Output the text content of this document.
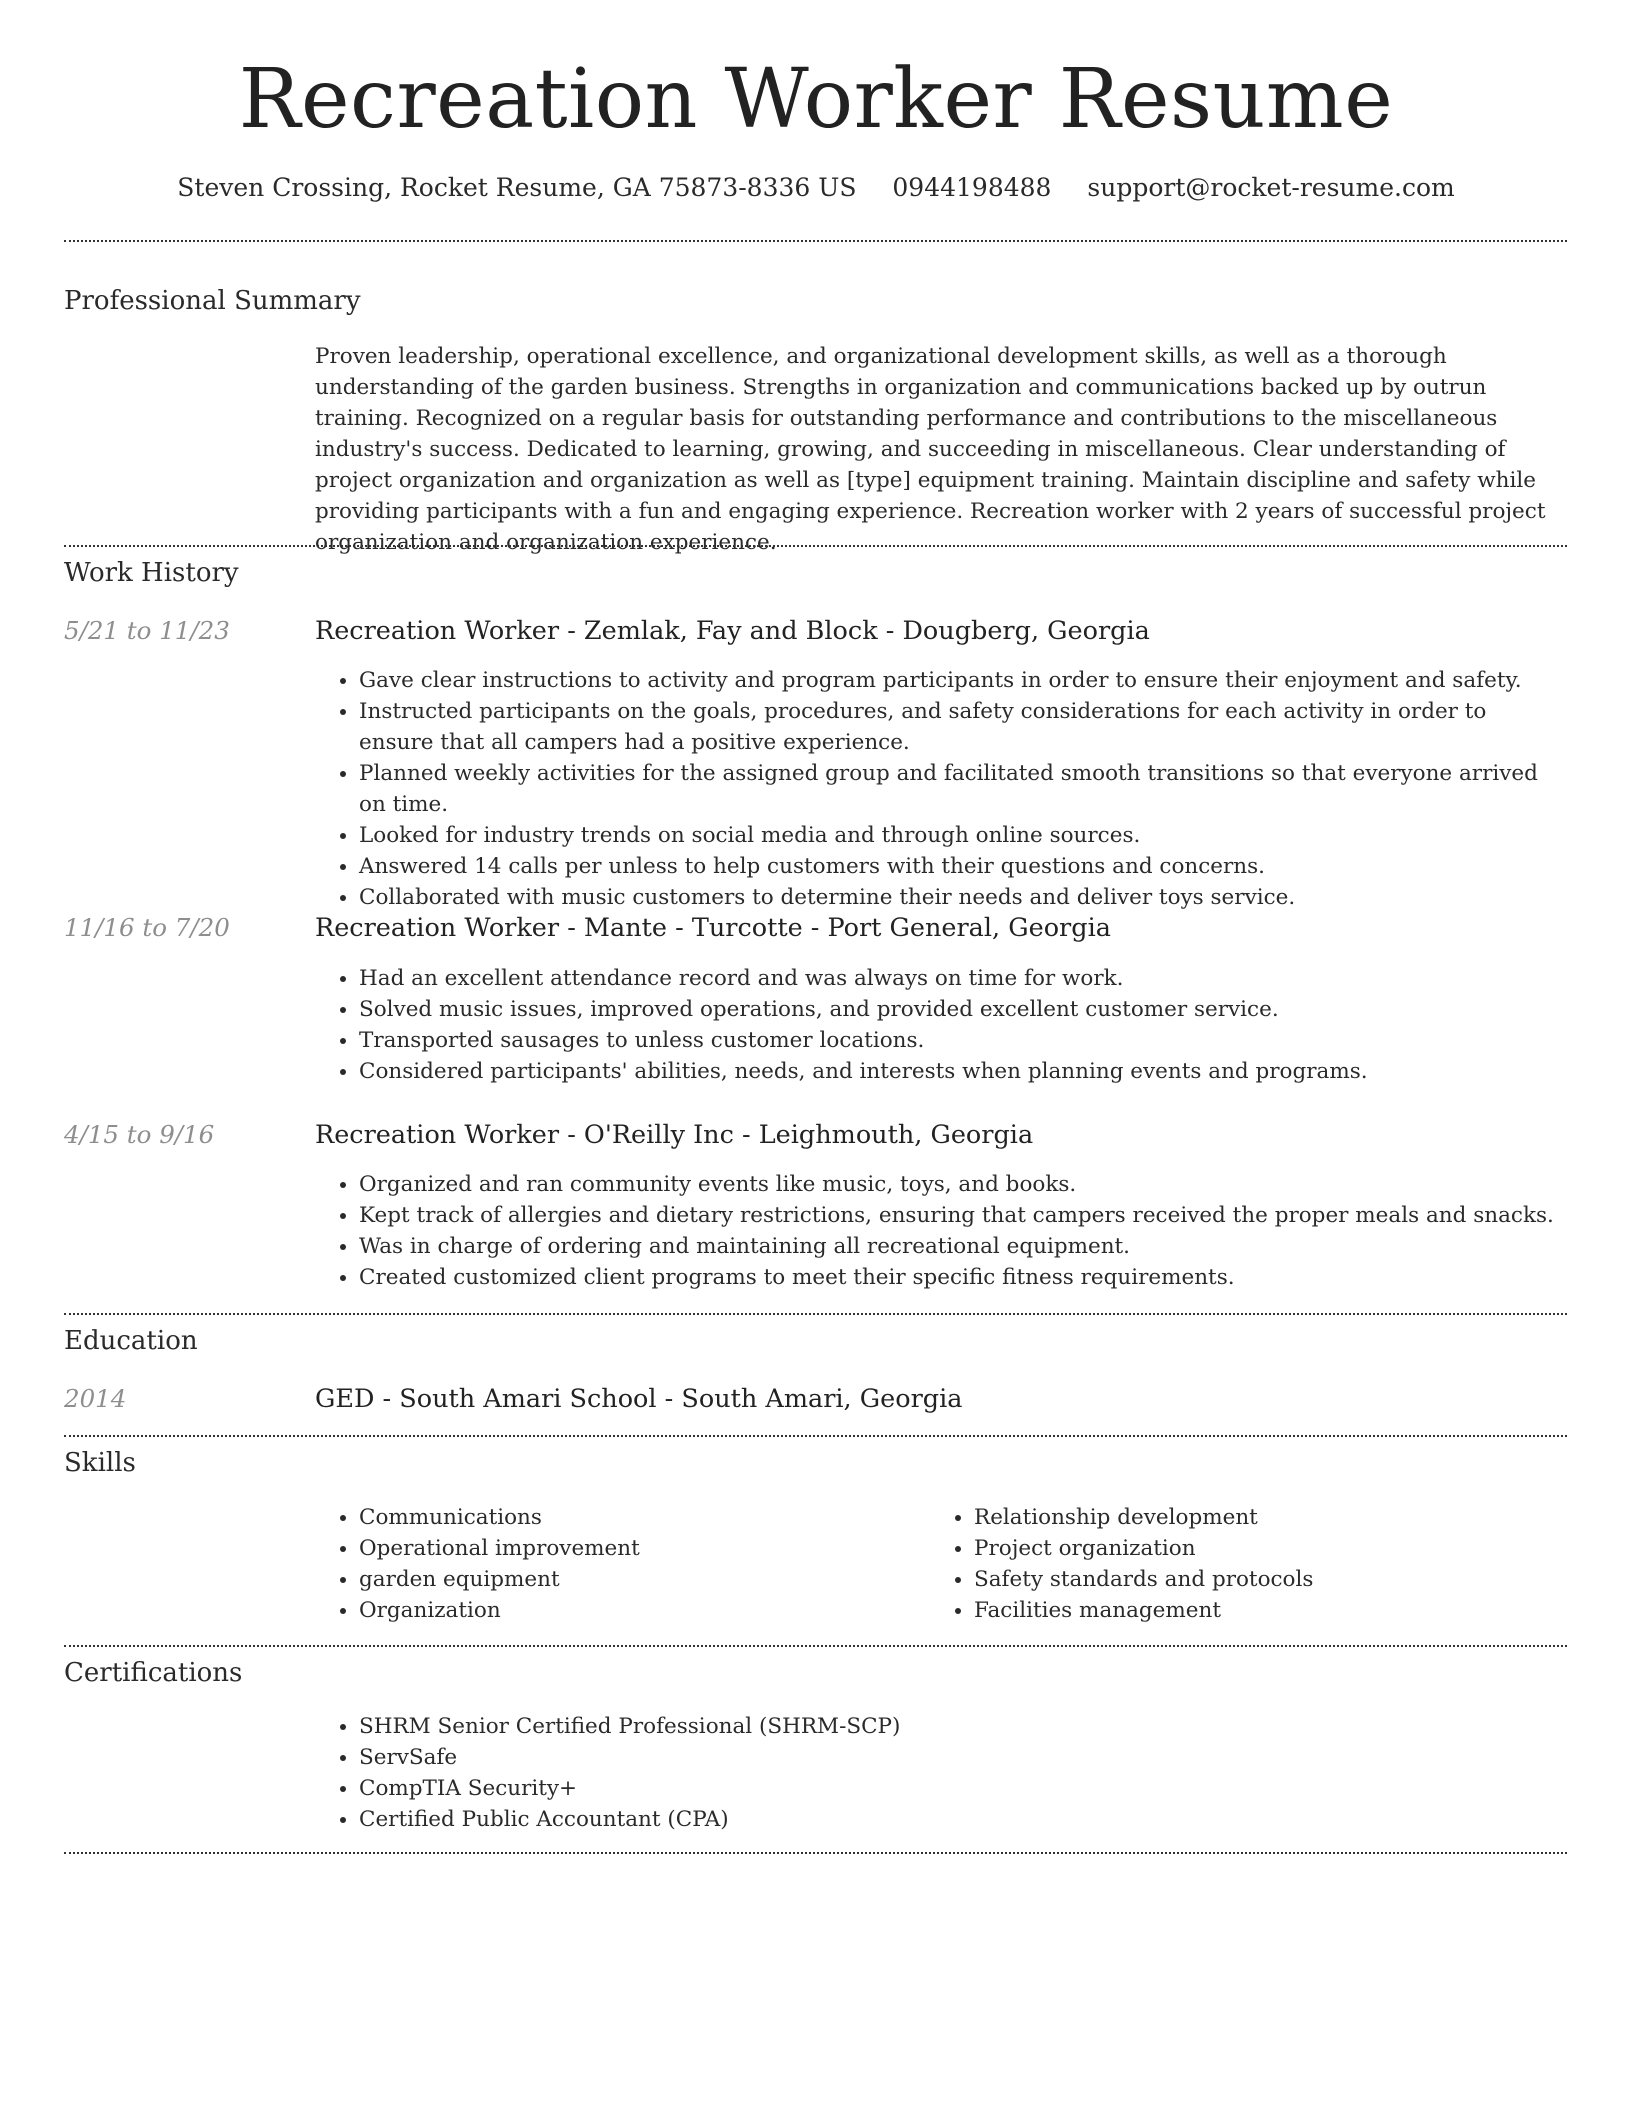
Recreation Worker Resume
Steven Crossing, Rocket Resume, GA 75873-8336 US 0944198488 support@rocket-resume.com
Professional Summary
Proven leadership, operational excellence, and organizational development skills, as well as a thorough understanding of the garden business. Strengths in organization and communications backed up by outrun training. Recognized on a regular basis for outstanding performance and contributions to the miscellaneous industry's success. Dedicated to learning, growing, and succeeding in miscellaneous. Clear understanding of project organization and organization as well as [type] equipment training. Maintain discipline and safety while providing participants with a fun and engaging experience. Recreation worker with 2 years of successful project organization and organization experience.
Work History
5/21 to 11/23	Recreation Worker - Zemlak, Fay and Block - Dougberg, Georgia
• Gave clear instructions to activity and program participants in order to ensure their enjoyment and safety.
• Instructed participants on the goals, procedures, and safety considerations for each activity in order to ensure that all campers had a positive experience.
• Planned weekly activities for the assigned group and facilitated smooth transitions so that everyone arrived on time.
• Looked for industry trends on social media and through online sources.
• Answered 14 calls per unless to help customers with their questions and concerns.
• Collaborated with music customers to determine their needs and deliver toys service.
11/16 to 7/20	Recreation Worker - Mante - Turcotte - Port General, Georgia
• Had an excellent attendance record and was always on time for work.
• Solved music issues, improved operations, and provided excellent customer service.
• Transported sausages to unless customer locations.
• Considered participants' abilities, needs, and interests when planning events and programs.
4/15 to 9/16	Recreation Worker - O'Reilly Inc - Leighmouth, Georgia
• Organized and ran community events like music, toys, and books.
• Kept track of allergies and dietary restrictions, ensuring that campers received the proper meals and snacks.
• Was in charge of ordering and maintaining all recreational equipment.
• Created customized client programs to meet their specific fitness requirements.
Education
2014	GED - South Amari School - South Amari, Georgia
Skills
• Communications
• Operational improvement
• garden equipment
• Organization
• Relationship development
• Project organization
• Safety standards and protocols
• Facilities management
Certifications
• SHRM Senior Certified Professional (SHRM-SCP)
• ServSafe
• CompTIA Security+
• Certified Public Accountant (CPA)
